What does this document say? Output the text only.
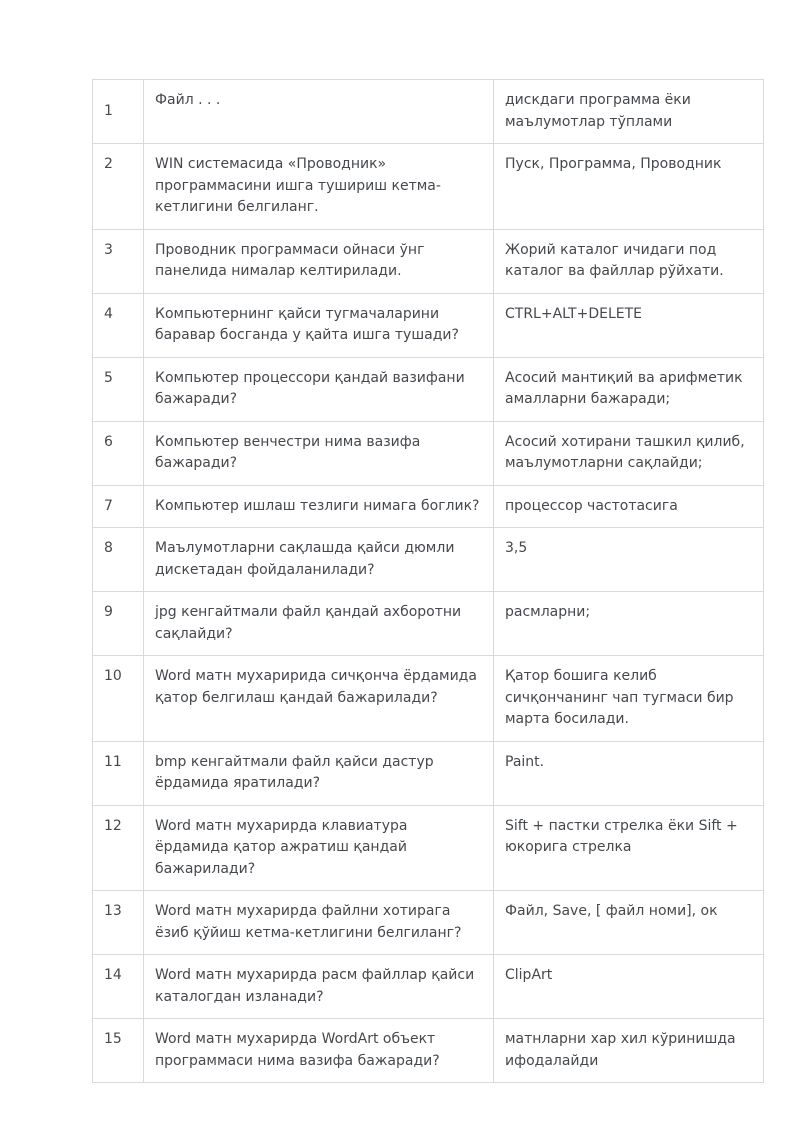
1	Файл . . .	дискдаги программа ёки маълумотлар тўплами
2	WIN системасида «Проводник» программасини ишга тушириш кетма-кетлигини белгиланг.	Пуск, Программа, Проводник
3	Проводник программаси ойнаси ўнг панелида нималар келтирилади.	Жорий каталог ичидаги под каталог ва файллар рўйхати.
4	Компьютернинг қайси тугмачаларини баравар босганда у қайта ишга тушади?	CTRL+ALT+DELETE
5	Компьютер процессори қандай вазифани бажаради?	Асосий мантиқий ва арифметик амалларни бажаради;
6	Компьютер венчестри нима вазифа бажаради?	Асосий хотирани ташкил қилиб, маълумотларни сақлайди;
7	Компьютер ишлаш тезлиги нимага боглик?	процессор частотасига
8	Маълумотларни сақлашда қайси дюмли дискетадан фойдаланилади?	3,5
9	jpg кенгайтмали файл қандай ахборотни сақлайди?	расмларни;
10	Word матн мухаририда сичқонча ёрдамида қатор белгилаш қандай бажарилади?	Қатор бошига келиб сичқончанинг чап тугмаси бир марта босилади.
11	bmp кенгайтмали файл қайси дастур ёрдамида яратилади?	Paint.
12	Word матн мухарирда клавиатура ёрдамида қатор ажратиш қандай бажарилади?	Sift + пастки стрелка ёки Sift + юкорига стрелка
13	Word матн мухарирда файлни хотирага ёзиб қўйиш кетма-кетлигини белгиланг?	Файл, Save, [ файл номи], ок
14	Word матн мухарирда расм файллар қайси каталогдан изланади?	ClipArt
15	Word матн мухарирда WordArt объект программаси нима вазифа бажаради?	матнларни хар хил кўринишда ифодалайди
